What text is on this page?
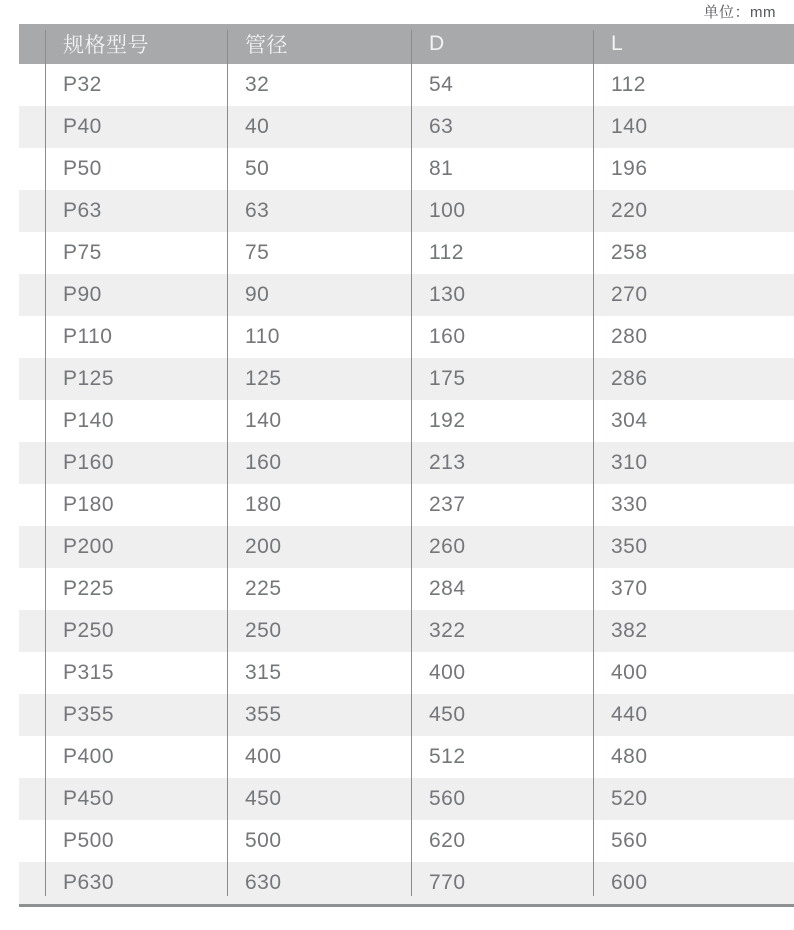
单位：mm
规格型号	管径	D	L
P32	32	54	112
P40	40	63	140
P50	50	81	196
P63	63	100	220
P75	75	112	258
P90	90	130	270
P110	110	160	280
P125	125	175	286
P140	140	192	304
P160	160	213	310
P180	180	237	330
P200	200	260	350
P225	225	284	370
P250	250	322	382
P315	315	400	400
P355	355	450	440
P400	400	512	480
P450	450	560	520
P500	500	620	560
P630	630	770	600
